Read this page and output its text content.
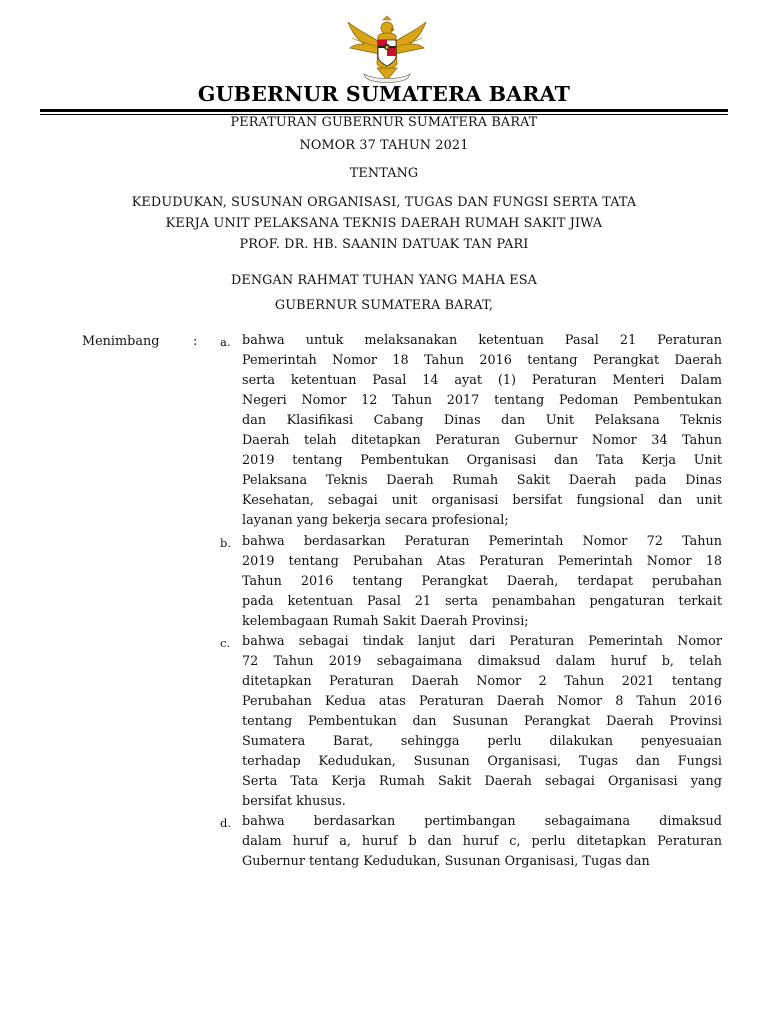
GUBERNUR SUMATERA BARAT
PERATURAN GUBERNUR SUMATERA BARAT
NOMOR 37 TAHUN 2021
TENTANG
KEDUDUKAN, SUSUNAN ORGANISASI, TUGAS DAN FUNGSI SERTA TATA
KERJA UNIT PELAKSANA TEKNIS DAERAH RUMAH SAKIT JIWA
PROF. DR. HB. SAANIN DATUAK TAN PARI
DENGAN RAHMAT TUHAN YANG MAHA ESA
GUBERNUR SUMATERA BARAT,
Menimbang	: a. bahwa untuk melaksanakan ketentuan Pasal 21 Peraturan
Pemerintah Nomor 18 Tahun 2016 tentang Perangkat Daerah
serta ketentuan Pasal 14 ayat (1) Peraturan Menteri Dalam
Negeri Nomor 12 Tahun 2017 tentang Pedoman Pembentukan
dan Klasifikasi Cabang Dinas dan Unit Pelaksana Teknis
Daerah telah ditetapkan Peraturan Gubernur Nomor 34 Tahun
2019 tentang Pembentukan Organisasi dan Tata Kerja Unit
Pelaksana Teknis Daerah Rumah Sakit Daerah pada Dinas
Kesehatan, sebagai unit organisasi bersifat fungsional dan unit
layanan yang bekerja secara profesional;
b. bahwa berdasarkan Peraturan Pemerintah Nomor 72 Tahun
2019 tentang Perubahan Atas Peraturan Pemerintah Nomor 18
Tahun 2016 tentang Perangkat Daerah, terdapat perubahan
pada ketentuan Pasal 21 serta penambahan pengaturan terkait
kelembagaan Rumah Sakit Daerah Provinsi;
c. bahwa sebagai tindak lanjut dari Peraturan Pemerintah Nomor
72 Tahun 2019 sebagaimana dimaksud dalam huruf b, telah
ditetapkan Peraturan Daerah Nomor 2 Tahun 2021 tentang
Perubahan Kedua atas Peraturan Daerah Nomor 8 Tahun 2016
tentang Pembentukan dan Susunan Perangkat Daerah Provinsi
Sumatera Barat, sehingga perlu dilakukan penyesuaian
terhadap Kedudukan, Susunan Organisasi, Tugas dan Fungsi
Serta Tata Kerja Rumah Sakit Daerah sebagai Organisasi yang
bersifat khusus.
d. bahwa berdasarkan pertimbangan sebagaimana dimaksud
dalam huruf a, huruf b dan huruf c, perlu ditetapkan Peraturan
Gubernur tentang Kedudukan, Susunan Organisasi, Tugas dan
